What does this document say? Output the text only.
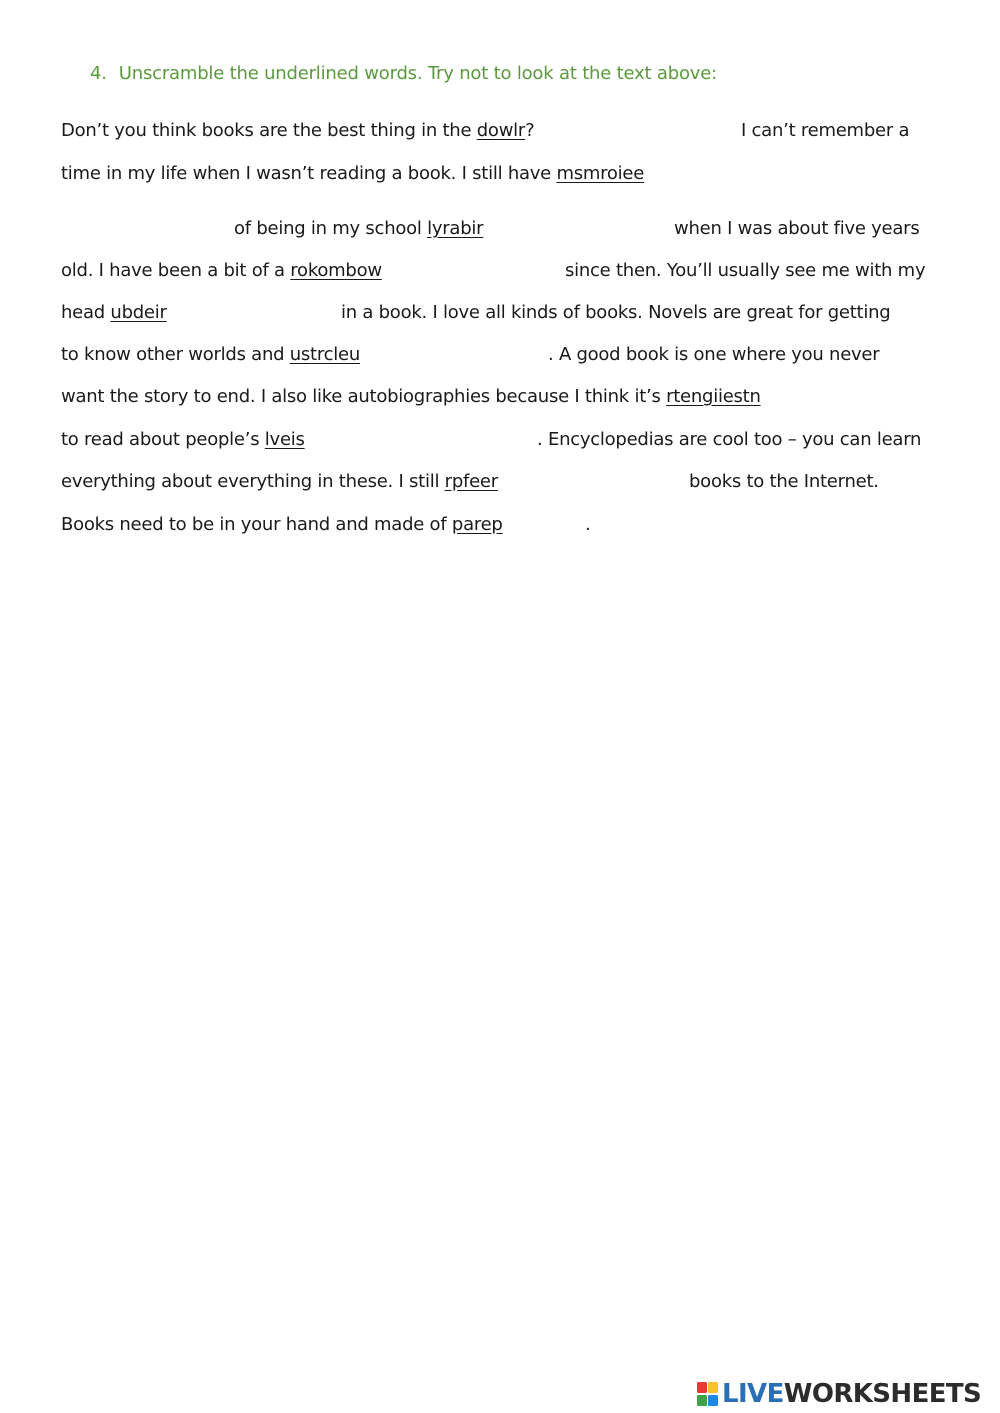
4. Unscramble the underlined words. Try not to look at the text above:
Don’t you think books are the best thing in the dowlr?	I can’t remember a
time in my life when I wasn’t reading a book. I still have msmroiee
of being in my school lyrabir	when I was about five years
old. I have been a bit of a rokombow	since then. You’ll usually see me with my
head ubdeir	in a book. I love all kinds of books. Novels are great for getting
to know other worlds and ustrcleu	. A good book is one where you never
want the story to end. I also like autobiographies because I think it’s rtengiiestn
to read about people’s lveis	. Encyclopedias are cool too – you can learn
everything about everything in these. I still rpfeer	books to the Internet.
Books need to be in your hand and made of parep	.
LIVEWORKSHEETS
